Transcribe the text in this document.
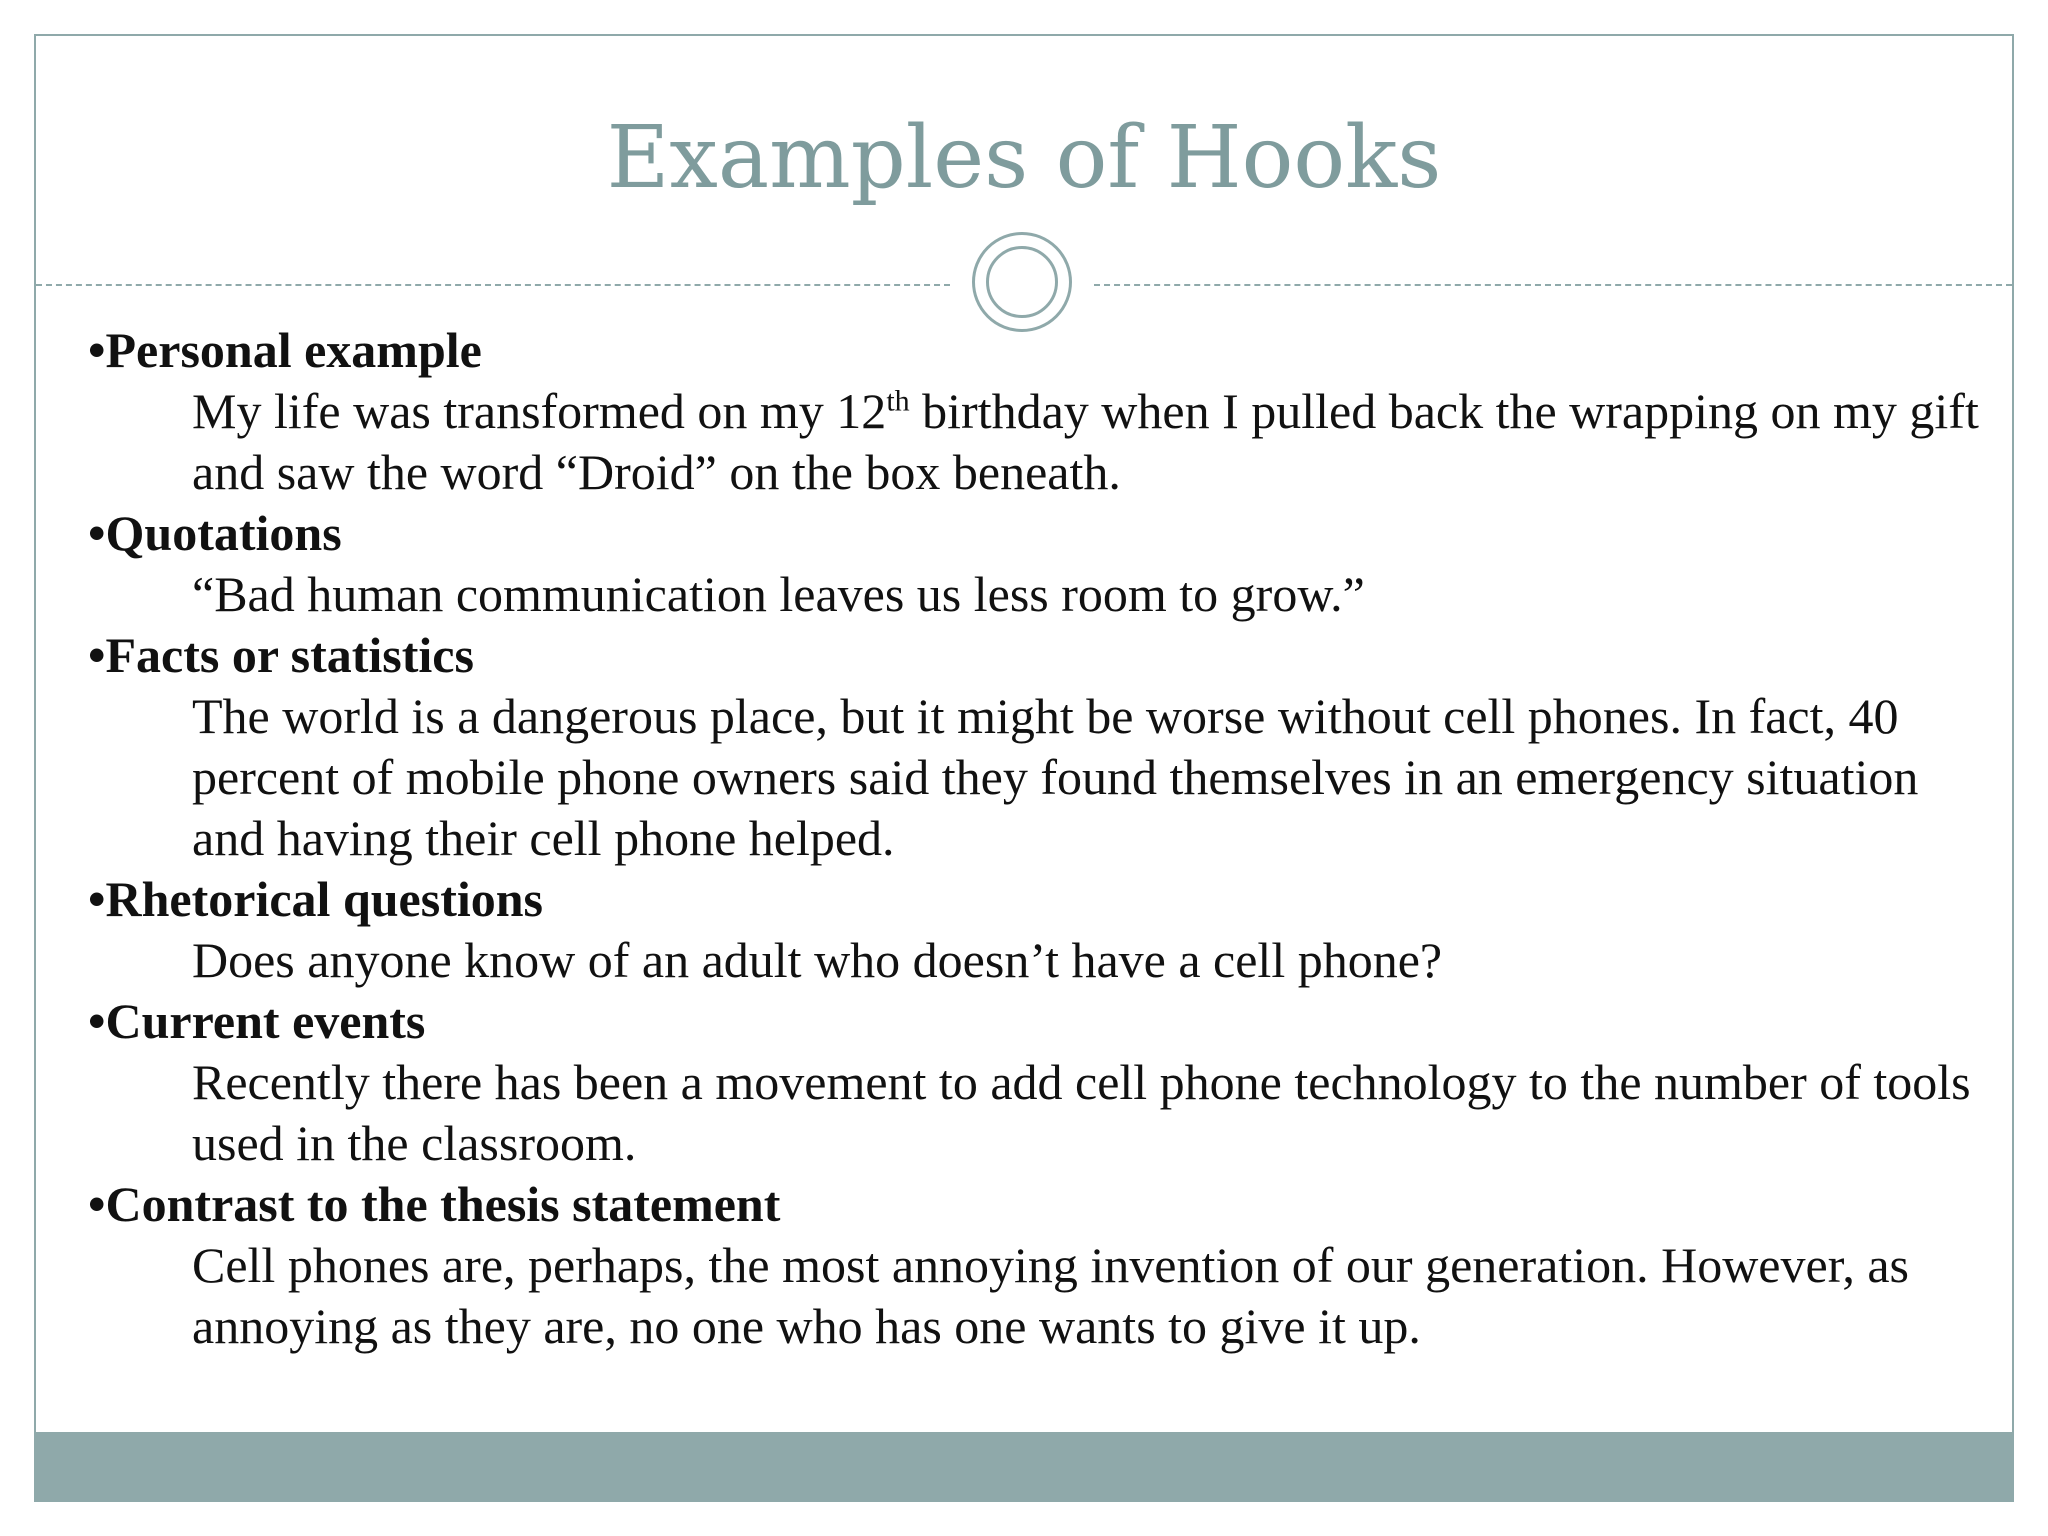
Examples of Hooks

•Personal example

My life was transformed on my 12th birthday when I pulled back the wrapping on my gift and saw the word “Droid” on the box beneath.

•Quotations

“Bad human communication leaves us less room to grow.”

•Facts or statistics

The world is a dangerous place, but it might be worse without cell phones. In fact, 40 percent of mobile phone owners said they found themselves in an emergency situation and having their cell phone helped.

•Rhetorical questions

Does anyone know of an adult who doesn’t have a cell phone?

•Current events

Recently there has been a movement to add cell phone technology to the number of tools used in the classroom.

•Contrast to the thesis statement

Cell phones are, perhaps, the most annoying invention of our generation. However, as annoying as they are, no one who has one wants to give it up.
